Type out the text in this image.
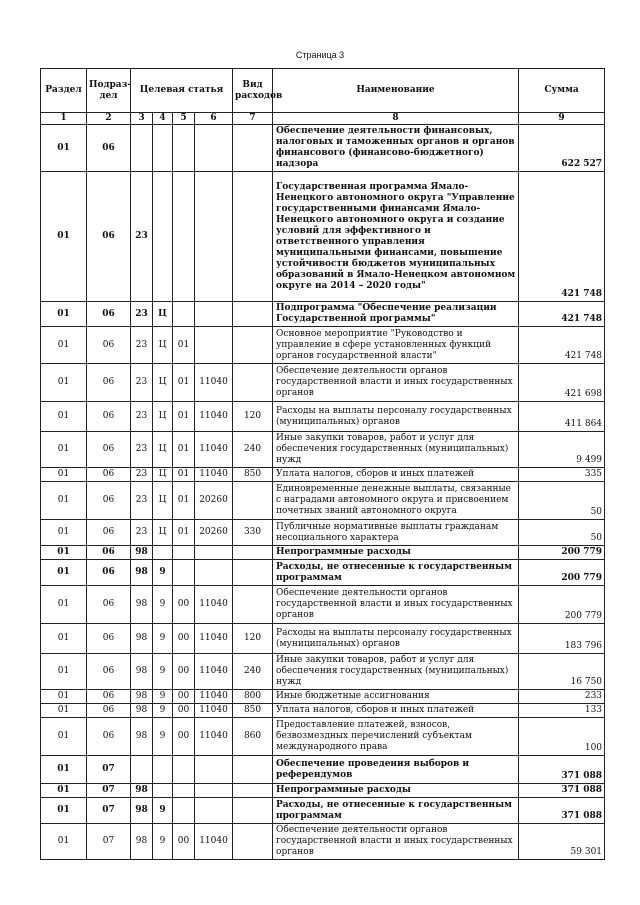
Страница 3
Раздел	Подраз-дел	Целевая статья				Вид расходов	Наименование	Сумма
1	2	3	4	5	6	7	8	9
01	06						Обеспечение деятельности финансовых, налоговых и таможенных органов и органов финансового (финансово-бюджетного) надзора	622 527
01	06	23					Государственная программа Ямало-Ненецкого автономного округа "Управление государственными финансами Ямало-Ненецкого автономного округа и создание условий для эффективного и ответственного управления муниципальными финансами, повышение устойчивости бюджетов муниципальных образований в Ямало-Ненецком автономном округе на 2014 – 2020 годы"	421 748
01	06	23	Ц				Подпрограмма "Обеспечение реализации Государственной программы"	421 748
01	06	23	Ц	01			Основное мероприятие "Руководство и управление в сфере установленных функций органов государственной власти"	421 748
01	06	23	Ц	01	11040		Обеспечение деятельности органов государственной власти и иных государственных органов	421 698
01	06	23	Ц	01	11040	120	Расходы на выплаты персоналу государственных (муниципальных) органов	411 864
01	06	23	Ц	01	11040	240	Иные закупки товаров, работ и услуг для обеспечения государственных (муниципальных) нужд	9 499
01	06	23	Ц	01	11040	850	Уплата налогов, сборов и иных платежей	335
01	06	23	Ц	01	20260		Единовременные денежные выплаты, связанные с наградами автономного округа и присвоением почетных званий автономного округа	50
01	06	23	Ц	01	20260	330	Публичные нормативные выплаты гражданам несоциального характера	50
01	06	98					Непрограммные расходы	200 779
01	06	98	9				Расходы, не отнесенные к государственным программам	200 779
01	06	98	9	00	11040		Обеспечение деятельности органов государственной власти и иных государственных органов	200 779
01	06	98	9	00	11040	120	Расходы на выплаты персоналу государственных (муниципальных) органов	183 796
01	06	98	9	00	11040	240	Иные закупки товаров, работ и услуг для обеспечения государственных (муниципальных) нужд	16 750
01	06	98	9	00	11040	800	Иные бюджетные ассигнования	233
01	06	98	9	00	11040	850	Уплата налогов, сборов и иных платежей	133
01	06	98	9	00	11040	860	Предоставление платежей, взносов, безвозмездных перечислений субъектам международного права	100
01	07						Обеспечение проведения выборов и референдумов	371 088
01	07	98					Непрограммные расходы	371 088
01	07	98	9				Расходы, не отнесенные к государственным программам	371 088
01	07	98	9	00	11040		Обеспечение деятельности органов государственной власти и иных государственных органов	59 301
